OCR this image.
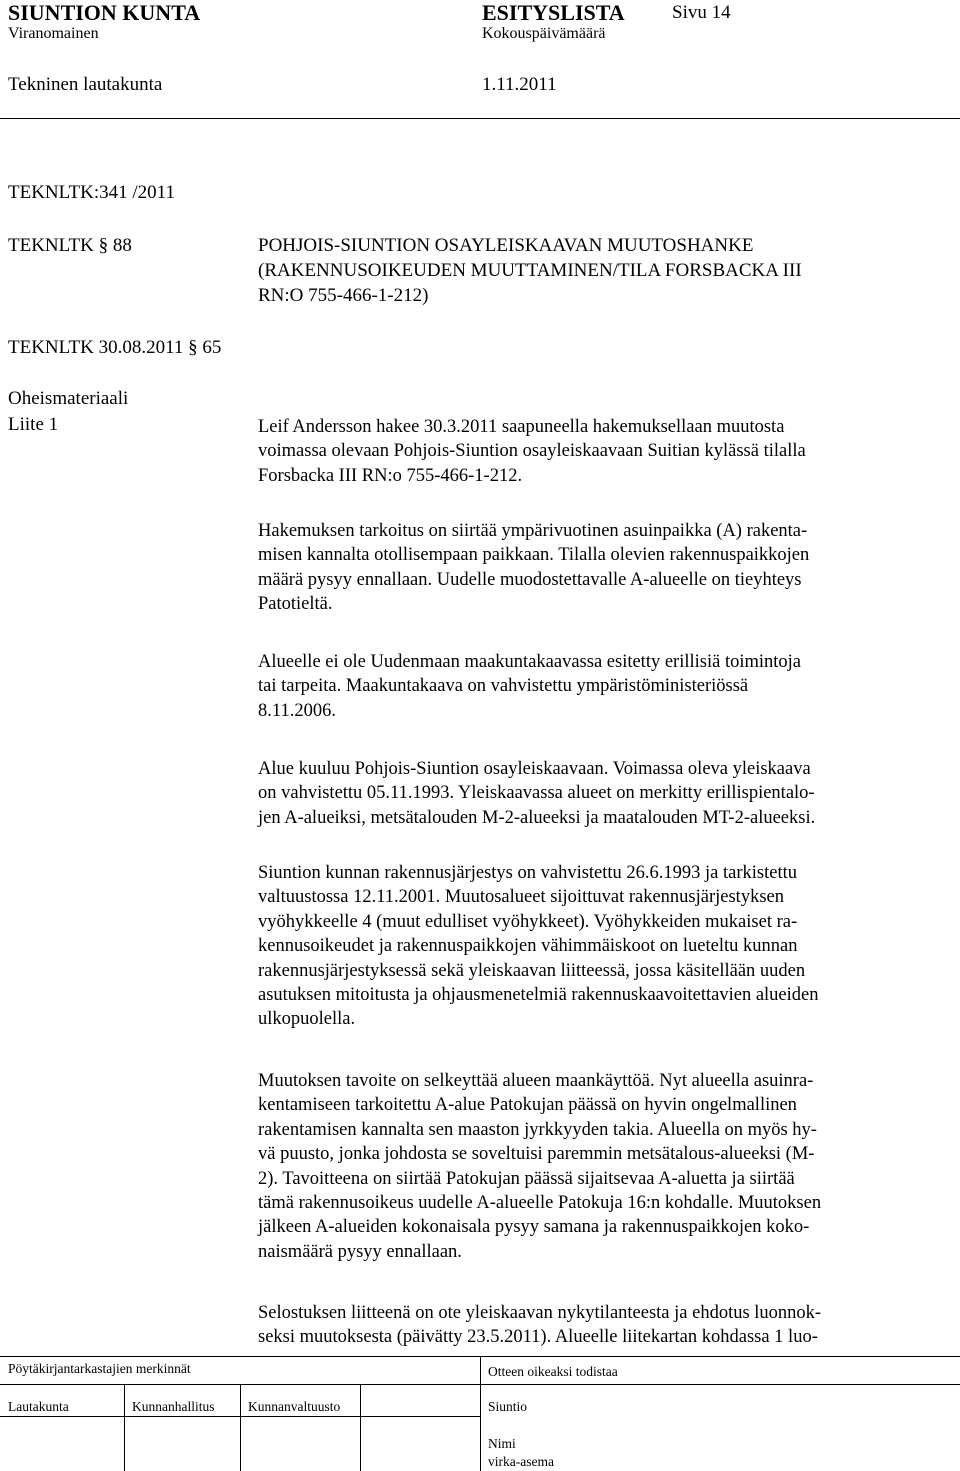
SIUNTION KUNTA	ESITYSLISTA Sivu 14
Viranomainen	Kokouspäivämäärä
Tekninen lautakunta	1.11.2011
TEKNLTK:341 /2011
TEKNLTK § 88	POHJOIS-SIUNTION OSAYLEISKAAVAN MUUTOSHANKE
(RAKENNUSOIKEUDEN MUUTTAMINEN/TILA FORSBACKA III
RN:O 755-466-1-212)
TEKNLTK 30.08.2011 § 65
Oheismateriaali
Liite 1	Leif Andersson hakee 30.3.2011 saapuneella hakemuksellaan muutosta

voimassa olevaan Pohjois-Siuntion osayleiskaavaan Suitian kylässä tilalla

Forsbacka III RN:o 755-466-1-212.

Hakemuksen tarkoitus on siirtää ympärivuotinen asuinpaikka (A) rakenta-

misen kannalta otollisempaan paikkaan. Tilalla olevien rakennuspaikkojen

määrä pysyy ennallaan. Uudelle muodostettavalle A-alueelle on tieyhteys

Patotieltä.

Alueelle ei ole Uudenmaan maakuntakaavassa esitetty erillisiä toimintoja

tai tarpeita. Maakuntakaava on vahvistettu ympäristöministeriössä

8.11.2006.

Alue kuuluu Pohjois-Siuntion osayleiskaavaan. Voimassa oleva yleiskaava

on vahvistettu 05.11.1993. Yleiskaavassa alueet on merkitty erillispientalo-

jen A-alueiksi, metsätalouden M-2-alueeksi ja maatalouden MT-2-alueeksi.

Siuntion kunnan rakennusjärjestys on vahvistettu 26.6.1993 ja tarkistettu

valtuustossa 12.11.2001. Muutosalueet sijoittuvat rakennusjärjestyksen

vyöhykkeelle 4 (muut edulliset vyöhykkeet). Vyöhykkeiden mukaiset ra-

kennusoikeudet ja rakennuspaikkojen vähimmäiskoot on lueteltu kunnan

rakennusjärjestyksessä sekä yleiskaavan liitteessä, jossa käsitellään uuden

asutuksen mitoitusta ja ohjausmenetelmiä rakennuskaavoitettavien alueiden

ulkopuolella.

Muutoksen tavoite on selkeyttää alueen maankäyttöä. Nyt alueella asuinra-

kentamiseen tarkoitettu A-alue Patokujan päässä on hyvin ongelmallinen

rakentamisen kannalta sen maaston jyrkkyyden takia. Alueella on myös hy-

vä puusto, jonka johdosta se soveltuisi paremmin metsätalous-alueeksi (M-

2). Tavoitteena on siirtää Patokujan päässä sijaitsevaa A-aluetta ja siirtää

tämä rakennusoikeus uudelle A-alueelle Patokuja 16:n kohdalle. Muutoksen

jälkeen A-alueiden kokonaisala pysyy samana ja rakennuspaikkojen koko-

naismäärä pysyy ennallaan.

Selostuksen liitteenä on ote yleiskaavan nykytilanteesta ja ehdotus luonnok-

seksi muutoksesta (päivätty 23.5.2011). Alueelle liitekartan kohdassa 1 luo-

Pöytäkirjantarkastajien merkinnät	Otteen oikeaksi todistaa
Lautakunta	Kunnanhallitus Kunnanvaltuusto	Siuntio
Nimi
virka-asema
